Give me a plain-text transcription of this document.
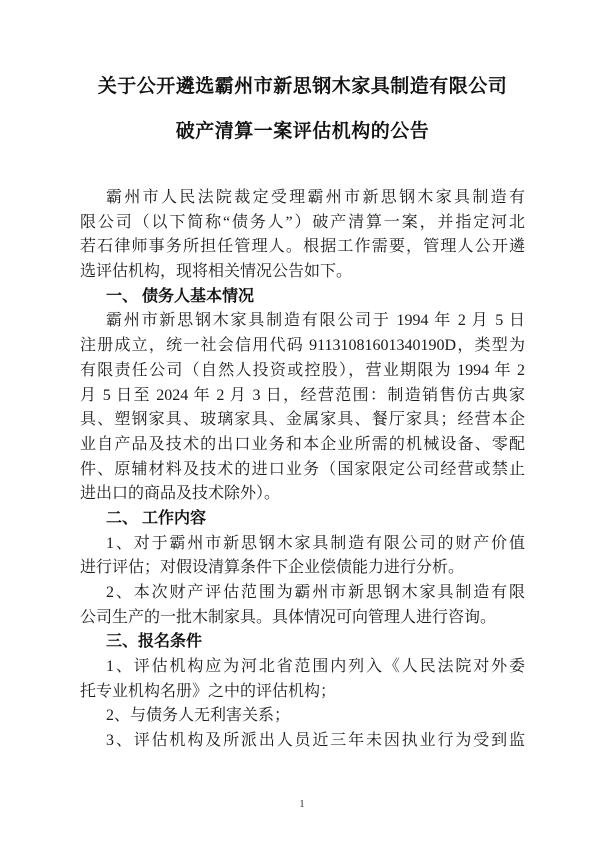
关于公开遴选霸州市新思钢木家具制造有限公司
破产清算一案评估机构的公告
霸州市人民法院裁定受理霸州市新思钢木家具制造有
限公司（以下简称“债务人”）破产清算一案，并指定河北
若石律师事务所担任管理人。根据工作需要，管理人公开遴
选评估机构，现将相关情况公告如下。
一、 债务人基本情况
霸州市新思钢木家具制造有限公司于 1994 年 2 月 5 日
注册成立，统一社会信用代码 91131081601340190D，类型为
有限责任公司（自然人投资或控股），营业期限为 1994 年 2
月 5 日至 2024 年 2 月 3 日，经营范围：制造销售仿古典家
具、塑钢家具、玻璃家具、金属家具、餐厅家具；经营本企
业自产品及技术的出口业务和本企业所需的机械设备、零配
件、原辅材料及技术的进口业务（国家限定公司经营或禁止
进出口的商品及技术除外）。
二、 工作内容
1、对于霸州市新思钢木家具制造有限公司的财产价值
进行评估；对假设清算条件下企业偿债能力进行分析。
2、本次财产评估范围为霸州市新思钢木家具制造有限
公司生产的一批木制家具。具体情况可向管理人进行咨询。
三、报名条件
1、评估机构应为河北省范围内列入《人民法院对外委
托专业机构名册》之中的评估机构；
2、与债务人无利害关系；
3、评估机构及所派出人员近三年未因执业行为受到监
1
